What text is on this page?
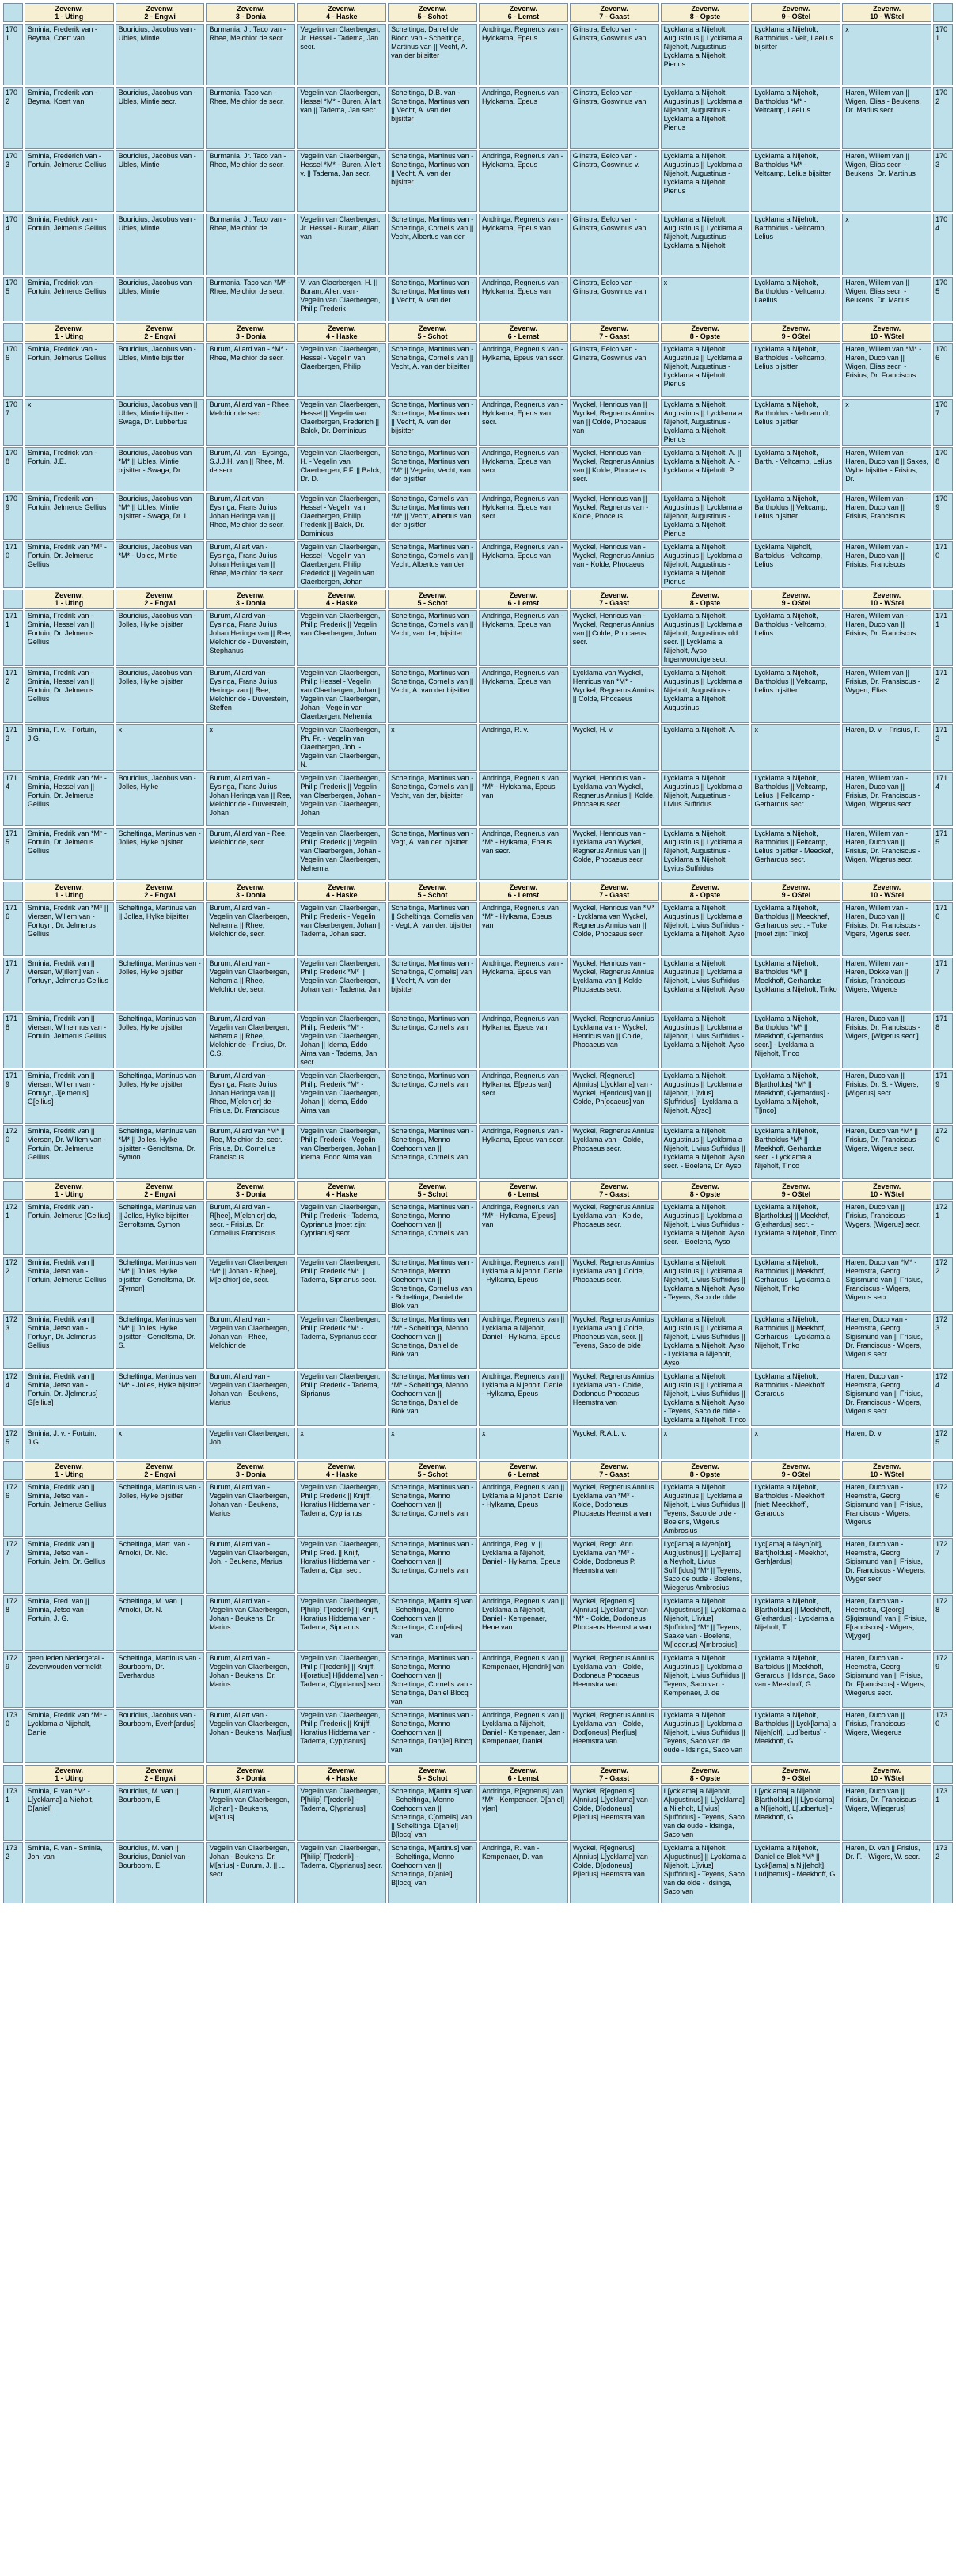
	Zevenw.
1 - Uting	Zevenw.
2 - Engwi	Zevenw.
3 - Donia	Zevenw.
4 - Haske	Zevenw.
5 - Schot	Zevenw.
6 - Lemst	Zevenw.
7 - Gaast	Zevenw.
8 - Opste	Zevenw.
9 - OStel	Zevenw.
10 - WStel	

1701	Sminia, Frederik van - Beyma, Coert van	Bouricius, Jacobus van - Ubles, Mintie	Burmania, Jr. Taco van - Rhee, Melchior de secr.	Vegelin van Claerbergen, Jr. Hessel - Tadema, Jan secr.	Scheltinga, Daniel de Blocq van - Scheltinga, Martinus van || Vecht, A. van der bijsitter	Andringa, Regnerus van - Hylckama, Epeus	Glinstra, Eelco van - Glinstra, Goswinus van	Lycklama a Nijeholt, Augustinus || Lycklama a Nijeholt, Augustinus - Lycklama a Nijeholt, Pierius	Lycklama a Nijeholt, Bartholdus - Velt, Laelius bijsitter	x	1701
1702	Sminia, Frederik van - Beyma, Koert van	Bouricius, Jacobus van - Ubles, Mintie secr.	Burmania, Taco van - Rhee, Melchior de secr.	Vegelin van Claerbergen, Hessel *M* - Buren, Allart van || Tadema, Jan secr.	Scheltinga, D.B. van - Scheltinga, Martinus van || Vecht, A. van der bijsitter	Andringa, Regnerus van - Hylckama, Epeus	Glinstra, Eelco van - Glinstra, Goswinus van	Lycklama a Nijeholt, Augustinus || Lycklama a Nijeholt, Augustinus - Lycklama a Nijeholt, Pierius	Lycklama a Nijeholt, Bartholdus *M* - Veltcamp, Laelius	Haren, Willem van || Wigen, Elias - Beukens, Dr. Marius secr.	1702
1703	Sminia, Frederich van - Fortuin, Jelmerus Gellius	Bouricius, Jacobus van - Ubles, Mintie	Burmania, Jr. Taco van - Rhee, Melchior de secr.	Vegelin van Claerbergen, Hessel *M* - Buren, Allert v. || Tadema, Jan secr.	Scheltinga, Martinus van - Scheltinga, Martinus van || Vecht, A. van der bijsitter	Andringa, Regnerus van - Hylckama, Epeus	Glinstra, Eelco van - Glinstra, Goswinus v.	Lycklama a Nijeholt, Augustinus || Lycklama a Nijeholt, Augustinus - Lycklama a Nijeholt, Pierius	Lycklama a Nijeholt, Bartholdus *M* - Veltcamp, Lelius bijsitter	Haren, Willem van || Wigen, Elias secr. - Beukens, Dr. Martinus	1703
1704	Sminia, Fredrick van - Fortuin, Jelmerus Gellius	Bouricius, Jacobus van - Ubles, Mintie	Burmania, Jr. Taco van - Rhee, Melchior de	Vegelin van Claerbergen, Jr. Hessel - Buram, Allart van	Scheltinga, Martinus van - Scheltinga, Cornelis van || Vecht, Albertus van der	Andringa, Regnerus van - Hylckama, Epeus van	Glinstra, Eelco van - Glinstra, Goswinus van	Lycklama a Nijeholt, Augustinus || Lycklama a Nijeholt, Augustinus - Lycklama a Nijeholt	Lycklama a Nijeholt, Bartholdus - Veltcamp, Lelius	x	1704
1705	Sminia, Fredrick van - Fortuin, Jelmerus Gellius	Bouricius, Jacobus van - Ubles, Mintie	Burmania, Taco van *M* - Rhee, Melchior de secr.	V. van Claerbergen, H. || Buram, Allert van - Vegelin van Claerbergen, Philip Frederik	Scheltinga, Martinus van - Scheltinga, Martinus van || Vecht, A. van der	Andringa, Regnerus van - Hylckama, Epeus van	Glinstra, Eelco van - Glinstra, Goswinus van	x	Lycklama a Nijeholt, Bartholdus - Veltcamp, Laelius	Haren, Willem van || Wigen, Elias secr. - Beukens, Dr. Marius	1705

	Zevenw.
1 - Uting	Zevenw.
2 - Engwi	Zevenw.
3 - Donia	Zevenw.
4 - Haske	Zevenw.
5 - Schot	Zevenw.
6 - Lemst	Zevenw.
7 - Gaast	Zevenw.
8 - Opste	Zevenw.
9 - OStel	Zevenw.
10 - WStel	

1706	Sminia, Fredrick van - Fortuin, Jelmerus Gellius	Bouricius, Jacobus van - Ubles, Mintie bijsitter	Burum, Allard van - *M* - Rhee, Melchior de secr.	Vegelin van Claerbergen, Hessel - Vegelin van Claerbergen, Philip	Scheltinga, Martinus van - Scheltinga, Cornelis van || Vecht, A. van der bijsitter	Andringa, Regnerus van - Hylkama, Epeus van secr.	Glinstra, Eelco van - Glinstra, Goswinus van	Lycklama a Nijeholt, Augustinus || Lycklama a Nijeholt, Augustinus - Lycklama a Nijeholt, Pierius	Lycklama a Nijeholt, Bartholdus - Veltcamp, Lelius bijsitter	Haren, Willem van *M* - Haren, Duco van || Wigen, Elias secr. - Frisius, Dr. Franciscus	1706
1707	x	Bouricius, Jacobus van || Ubles, Mintie bijsitter - Swaga, Dr. Lubbertus	Burum, Allard van - Rhee, Melchior de secr.	Vegelin van Claerbergen, Hessel || Vegelin van Claerbergen, Frederich || Balck, Dr. Dominicus	Scheltinga, Martinus van - Scheltinga, Martinus van || Vecht, A. van der bijsitter	Andringa, Regnerus van - Hylckama, Epeus van secr.	Wyckel, Henricus van || Wyckel, Regnerus Annius van || Colde, Phocaeus van	Lycklama a Nijeholt, Augustinus || Lycklama a Nijeholt, Augustinus - Lycklama a Nijeholt, Pierius	Lycklama a Nijeholt, Bartholdus - Veltcampft, Lelius bijsitter	x	1707
1708	Sminia, Fredrick van - Fortuin, J.E.	Bouricius, Jacobus van *M* || Ubles, Mintie bijsitter - Swaga, Dr.	Burum, Al. van - Eysinga, S.J.J.H. van || Rhee, M. de secr.	Vegelin van Claerbergen, H. - Vegelin van Claerbergen, F.F. || Balck, Dr. D.	Scheltinga, Martinus van - Scheltinga, Martinus van *M* || Vegelin, Vecht, van der bijsitter	Andringa, Regnerus van - Hylckama, Epeus van secr.	Wyckel, Henricus van - Wyckel, Regnerus Annius van || Kolde, Phocaeus secr.	Lycklama a Nijeholt, A. || Lycklama a Nijeholt, A. - Lycklama a Nijeholt, P.	Lycklama a Nijeholt, Barth. - Veltcamp, Lelius	Haren, Willem van - Haren, Duco van || Sakes, Wybe bijsitter - Frisius, Dr.	1708
1709	Sminia, Frederik van - Fortuin, Jelmerus Gellius	Bouricius, Jacobus van *M* || Ubles, Mintie bijsitter - Swaga, Dr. L.	Burum, Allart van - Eysinga, Frans Julius Johan Heringa van || Rhee, Melchior de secr.	Vegelin van Claerbergen, Hessel - Vegelin van Claerbergen, Philip Frederik || Balck, Dr. Dominicus	Scheltinga, Cornelis van - Scheltinga, Martinus van *M* || Vecht, Albertus van der bijsitter	Andringa, Regnerus van - Hylckama, Epeus van secr.	Wyckel, Henricus van || Wyckel, Regnerus van - Kolde, Phoceus	Lycklama a Nijeholt, Augustinus || Lycklama a Nijeholt, Augustinus - Lycklama a Nijeholt, Pierius	Lycklama a Nijeholt, Bartholdus || Veltcamp, Lelius bijsitter	Haren, Willem van - Haren, Duco van || Frisius, Franciscus	1709
1710	Sminia, Fredrik van *M* - Fortuin, Dr. Jelmerus Gellius	Bouricius, Jacobus van *M* - Ubles, Mintie	Burum, Allart van - Eysinga, Frans Julius Johan Heringa van || Rhee, Melchior de secr.	Vegelin van Claerbergen, Hessel - Vegelin van Claerbergen, Philip Frederick || Vegelin van Claerbergen, Johan	Scheltinga, Martinus van - Scheltinga, Cornelis van || Vecht, Albertus van der	Andringa, Regnerus van - Hylckama, Epeus van	Wyckel, Henricus van - Wyckel, Regnerus Annius van - Kolde, Phocaeus	Lycklama a Nijeholt, Augustinus || Lycklama a Nijeholt, Augustinus - Lycklama a Nijeholt, Pierius	Lycklama Nijeholt, Bartoldus - Veltcamp, Lelius	Haren, Willem van - Haren, Duco van || Frisius, Franciscus	1710

	Zevenw.
1 - Uting	Zevenw.
2 - Engwi	Zevenw.
3 - Donia	Zevenw.
4 - Haske	Zevenw.
5 - Schot	Zevenw.
6 - Lemst	Zevenw.
7 - Gaast	Zevenw.
8 - Opste	Zevenw.
9 - OStel	Zevenw.
10 - WStel	

1711	Sminia, Fredrik van - Sminia, Hessel van || Fortuin, Dr. Jelmerus Gellius	Bouricius, Jacobus van - Jolles, Hylke bijsitter	Burum, Allard van - Eysinga, Frans Julius Johan Heringa van || Ree, Melchior de - Duverstein, Stephanus	Vegelin van Claerbergen, Philip Frederik || Vegelin van Claerbergen, Johan	Scheltinga, Martinus van - Scheltinga, Cornelis van || Vecht, van der, bijsitter	Andringa, Regnerus van - Hylckama, Epeus van	Wyckel, Henricus van - Wyckel, Regnerus Annius van || Colde, Phocaeus secr.	Lycklama a Nijeholt, Augustinus || Lycklama a Nijeholt, Augustinus old secr. || Lycklama a Nijeholt, Ayso Ingenwoordige secr.	Lycklama a Nijeholt, Bartholdus - Veltcamp, Lelius	Haren, Willem van - Haren, Duco van || Frisius, Dr. Franciscus	1711
1712	Sminia, Fredrik van - Sminia, Hessel van || Fortuin, Dr. Jelmerus Gellius	Bouricius, Jacobus van - Jolles, Hylke bijsitter	Burum, Allard van - Eysinga, Frans Julius Heringa van || Ree, Melchior de - Duverstein, Steffen	Vegelin van Claerbergen, Philip Hessel - Vegelin van Claerbergen, Johan || Vegelin van Claerbergen, Johan - Vegelin van Claerbergen, Nehemia	Scheltinga, Martinus van - Scheltinga, Cornelis van || Vecht, A. van der bijsitter	Andringa, Regnerus van - Hylckama, Epeus van	Lycklama van Wyckel, Henricus van *M* - Wyckel, Regnerus Annius || Colde, Phocaeus	Lycklama a Nijeholt, Augustinus || Lycklama a Nijeholt, Augustinus - Lycklama a Nijeholt, Augustinus	Lycklama a Nijeholt, Bartholdus || Veltcamp, Lelius bijsitter	Haren, Willem van || Frisius, Dr. Fransiscus - Wygen, Elias	1712
1713	Sminia, F. v. - Fortuin, J.G.	x	x	Vegelin van Claerbergen, Ph. Fr. - Vegelin van Claerbergen, Joh. - Vegelin van Claerbergen, N.	x	Andringa, R. v.	Wyckel, H. v.	Lycklama a Nijeholt, A.	x	Haren, D. v. - Frisius, F.	1713
1714	Sminia, Fredrik van *M* - Sminia, Hessel van || Fortuin, Dr. Jelmerus Gellius	Bouricius, Jacobus van - Jolles, Hylke	Burum, Allard van - Eysinga, Frans Julius Johan Heringa van || Ree, Melchior de - Duverstein, Johan	Vegelin van Claerbergen, Philip Frederik || Vegelin van Claerbergen, Johan - Vegelin van Claerbergen, Johan	Scheltinga, Martinus van - Scheltinga, Cornelis van || Vecht, van der, bijsitter	Andringa, Regnerus van *M* - Hylckama, Epeus van	Wyckel, Henricus van - Lycklama van Wyckel, Regnerus Annius || Kolde, Phocaeus secr.	Lycklama a Nijeholt, Augustinus || Lycklama a Nijeholt, Augustinus - Livius Suffridus	Lycklama a Nijeholt, Bartholdus || Veltcamp, Lelius || Fellcamp - Gerhardus secr.	Haren, Willem van - Haren, Duco van || Frisius, Dr. Franciscus - Wigen, Wigerus secr.	1714
1715	Sminia, Fredrik van *M* - Fortuin, Dr. Jelmerus Gellius	Scheltinga, Martinus van - Jolles, Hylke bijsitter	Burum, Allard van - Ree, Melchior de, secr.	Vegelin van Claerbergen, Philip Frederik || Vegelin van Claerbergen, Johan - Vegelin van Claerbergen, Nehemia	Scheltinga, Martinus van - Vegt, A. van der, bijsitter	Andringa, Regnerus van *M* - Hylkama, Epeus van secr.	Wyckel, Henricus van - Lycklama van Wyckel, Regnerus Annius van || Colde, Phocaeus secr.	Lycklama a Nijeholt, Augustinus || Lycklama a Nijeholt, Augustinus - Lycklama a Nijeholt, Lyvius Suffridus	Lycklama a Nijeholt, Bartholdus || Feltcamp, Lelius bijsitter - Meeckef, Gerhardus secr.	Haren, Willem van - Haren, Duco van || Frisius, Dr. Franciscus - Wigen, Wigerus secr.	1715

	Zevenw.
1 - Uting	Zevenw.
2 - Engwi	Zevenw.
3 - Donia	Zevenw.
4 - Haske	Zevenw.
5 - Schot	Zevenw.
6 - Lemst	Zevenw.
7 - Gaast	Zevenw.
8 - Opste	Zevenw.
9 - OStel	Zevenw.
10 - WStel	

1716	Sminia, Fredrik van *M* || Viersen, Willem van - Fortuyn, Dr. Jelmerus Gellius	Scheltinga, Martinus van || Jolles, Hylke bijsitter	Burum, Allard van - Vegelin van Claerbergen, Nehemia || Rhee, Melchior de, secr.	Vegelin van Claerbergen, Philip Frederik - Vegelin van Claerbergen, Johan || Tadema, Johan secr.	Scheltinga, Martinus van || Scheltinga, Cornelis van - Vegt, A. van der, bijsitter	Andringa, Regnerus van *M* - Hylkama, Epeus van	Wyckel, Henricus van *M* - Lycklama van Wyckel, Regnerus Annius van || Colde, Phocaeus secr.	Lycklama a Nijeholt, Augustinus || Lycklama a Nijeholt, Livius Suffridus - Lycklama a Nijeholt, Ayso	Lycklama a Nijeholt, Bartholdus || Meeckhef, Gerhardus secr. - Tuke [moet zijn: Tinko]	Haren, Willem van - Haren, Duco van || Frisius, Dr. Franciscus - Vigers, Vigerus secr.	1716
1717	Sminia, Fredrik van || Viersen, W[illem] van - Fortuyn, Jelmerus Gellius	Scheltinga, Martinus van - Jolles, Hylke bijsitter	Burum, Allard van - Vegelin van Claerbergen, Nehemia || Rhee, Melchior de, secr.	Vegelin van Claerbergen, Philip Frederik *M* || Vegelin van Claerbergen, Johan van - Tadema, Jan	Scheltinga, Martinus van - Scheltinga, C[ornelis] van || Vecht, A. van der bijsitter	Andringa, Regnerus van - Hylckama, Epeus van	Wyckel, Henricus van - Wyckel, Regnerus Annius Lycklama van || Kolde, Phocaeus secr.	Lycklama a Nijeholt, Augustinus || Lycklama a Nijeholt, Livius Suffridus - Lycklama a Nijeholt, Ayso	Lycklama a Nijeholt, Bartholdus *M* || Meekhoff, Gerhardus - Lycklama a Nijeholt, Tinko	Haren, Willem van - Haren, Dokke van || Frisius, Franciscus - Wigers, Wigerus	1717
1718	Sminia, Fredrik van || Viersen, Wilhelmus van - Fortuin, Jelmerus Gellius	Scheltinga, Martinus van - Jolles, Hylke bijsitter	Burum, Allard van - Vegelin van Claerbergen, Nehemia || Rhee, Melchior de - Frisius, Dr. C.S.	Vegelin van Claerbergen, Philip Frederik *M* - Vegelin van Claerbergen, Johan || Idema, Eddo Aima van - Tadema, Jan secr.	Scheltinga, Martinus van - Scheltinga, Cornelis van	Andringa, Regnerus van - Hylkama, Epeus van	Wyckel, Regnerus Annius Lycklama van - Wyckel, Henricus van || Colde, Phocaeus van	Lycklama a Nijeholt, Augustinus || Lycklama a Nijeholt, Livius Suffridus - Lycklama a Nijeholt, Ayso	Lycklama a Nijeholt, Bartholdus *M* || Meekhoff, G[erhardus secr.] - Lycklama a Nijeholt, Tinco	Haren, Duco van || Frisius, Dr. Franciscus - Wigers, [Wigerus secr.]	1718
1719	Sminia, Fredrik van || Viersen, Willem van - Fortuyn, J[elmerus] G[ellius]	Scheltinga, Martinus van - Jolles, Hylke bijsitter	Burum, Allard van - Eysinga, Frans Julius Johan Heringa van || Rhee, M[elchior] de - Frisius, Dr. Franciscus	Vegelin van Claerbergen, Philip Frederik *M* - Vegelin van Claerbergen, Johan || Idema, Eddo Aima van	Scheltinga, Martinus van - Scheltinga, Cornelis van	Andringa, Regnerus van - Hylkama, E[peus van] secr.	Wyckel, R[egnerus] A[nnius] L[ycklama] van - Wyckel, H[enricus] van || Colde, Ph[ocaeus] van	Lycklama a Nijeholt, Augustinus || Lycklama a Nijeholt, L[ivius] S[uffridus] - Lycklama a Nijeholt, A[yso]	Lycklama a Nijeholt, B[artholdus] *M* || Meekhoff, G[erhardus] - Lycklama a Nijeholt, T[inco]	Haren, Duco van || Frisius, Dr. S. - Wigers, [Wigerus] secr.	1719
1720	Sminia, Fredrik van || Viersen, Dr. Willem van - Fortuin, Dr. Jelmerus Gellius	Scheltinga, Martinus van *M* || Jolles, Hylke bijsitter - Gerroltsma, Dr. Symon	Burum, Allard van *M* || Ree, Melchior de, secr. - Frisius, Dr. Cornelius Franciscus	Vegelin van Claerbergen, Philip Frederik - Vegelin van Claerbergen, Johan || Idema, Eddo Aima van	Scheltinga, Martinus van - Scheltinga, Menno Coehoorn van || Scheltinga, Cornelis van	Andringa, Regnerus van - Hylkama, Epeus van secr.	Wyckel, Regnerus Annius Lycklama van - Colde, Phocaeus secr.	Lycklama a Nijeholt, Augustinus || Lycklama a Nijeholt, Livius Suffridus || Lycklama a Nijeholt, Ayso secr. - Boelens, Dr. Ayso	Lycklama a Nijeholt, Bartholdus *M* || Meekhoff, Gerhardus secr. - Lycklama a Nijeholt, Tinco	Haren, Duco van *M* || Frisius, Dr. Franciscus - Wigers, Wigerus secr.	1720

	Zevenw.
1 - Uting	Zevenw.
2 - Engwi	Zevenw.
3 - Donia	Zevenw.
4 - Haske	Zevenw.
5 - Schot	Zevenw.
6 - Lemst	Zevenw.
7 - Gaast	Zevenw.
8 - Opste	Zevenw.
9 - OStel	Zevenw.
10 - WStel	

1721	Sminia, Fredrik van - Fortuin, Jelmerus [Gellius]	Scheltinga, Martinus van || Jolles, Hylke bijsitter - Gerroltsma, Symon	Burum, Allard van - R[hee], M[elchior] de, secr. - Frisius, Dr. Cornelius Franciscus	Vegelin van Claerbergen, Philip Frederik - Tadema, Cyprianus [moet zijn: Cyprianus] secr.	Scheltinga, Martinus van - Scheltinga, Menno Coehoorn van || Scheltinga, Cornelis van	Andringa, Regnerus van *M* - Hylkama, E[peus] van	Wyckel, Regnerus Annius Lycklama van - Kolde, Phocaeus secr.	Lycklama a Nijeholt, Augustinus || Lycklama a Nijeholt, Livius Suffridus - Lycklama a Nijeholt, Ayso secr. - Boelens, Ayso	Lycklama a Nijeholt, B[artholdus] || Meekhof, G[erhardus] secr. - Lycklama a Nijeholt, Tinco	Haren, Duco van || Frisius, Franciscus - Wygers, [Wigerus] secr.	1721
1722	Sminia, Fredrik van || Sminia, Jetso van - Fortuin, Jelmerus Gellius	Scheltinga, Martinus van *M* || Jolles, Hylke bijsitter - Gerroltsma, Dr. S[ymon]	Vegelin van Claerbergen *M* || Johan - R[hee], M[elchior] de, secr.	Vegelin van Claerbergen, Philip Frederik *M* || Tadema, Siprianus secr.	Scheltinga, Martinus van - Scheltinga, Menno Coehoorn van || Scheltinga, Cornelius van - Scheltinga, Daniel de Blok van	Andringa, Regnerus van || Lyklama a Nijeholt, Daniel - Hylkama, Epeus	Wyckel, Regnerus Annius Lycklama van || Colde, Phocaeus secr.	Lycklama a Nijeholt, Augustinus || Lycklama a Nijeholt, Livius Suffridus || Lycklama a Nijeholt, Ayso - Teyens, Saco de olde	Lycklama a Nijeholt, Bartholdus || Meekhof, Gerhardus - Lycklama a Nijeholt, Tinko	Haren, Duco van *M* - Heemstra, Georg Sigismund van || Frisius, Franciscus - Wigers, Wigerus secr.	1722
1723	Sminia, Fredrik van || Sminia, Jetso van - Fortuyn, Dr. Jelmerus Gellius	Scheltinga, Martinus van *M* || Jolles, Hylke bijsitter - Gerroltsma, Dr. S.	Burum, Allard van - Vegelin van Claerbergen, Johan van - Rhee, Melchior de	Vegelin van Claerbergen, Philip Frederik *M* - Tadema, Syprianus secr.	Scheltinga, Martinus van *M* - Scheltinga, Menno Coehoorn van || Scheltinga, Daniel de Blok van	Andringa, Regnerus van || Lycklama a Nijeholt, Daniel - Hylkama, Epeus	Wyckel, Regnerus Annius Lycklama van || Colde, Phocheus van, secr. || Teyens, Saco de olde	Lycklama a Nijeholt, Augustinus || Lycklama a Nijeholt, Livius Suffridus || Lycklama a Nijeholt, Ayso - Lycklama a Nijeholt, Ayso	Lycklama a Nijeholt, Bartholdus || Meekhof, Gerhardus - Lycklama a Nijeholt, Tinko	Haeren, Duco van - Heemstra, Georg Sigismund van || Frisius, Dr. Franciscus - Wigers, Wigerus secr.	1723
1724	Sminia, Fredrik van || Sminia, Jetso van - Fortuin, Dr. J[elmerus] G[ellius]	Scheltinga, Martinus van *M* - Jolles, Hylke bijsitter	Burum, Allard van - Vegelin van Claerbergen, Johan van - Beukens, Marius	Vegelin van Claerbergen, Philip Frederik - Tadema, Siprianus	Scheltinga, Martinus van *M* - Scheltinga, Menno Coehoorn van || Scheltinga, Daniel de Blok van	Andringa, Regnerus van || Lyklama a Nijeholt, Daniel - Hylkama, Epeus	Wyckel, Regnerus Annius Lycklama van - Colde, Dodoneus Phocaeus Heemstra van	Lycklama a Nijeholt, Augustinus || Lycklama a Nijeholt, Livius Suffridus || Lycklama a Nijeholt, Ayso - Teyens, Saco de olde - Lycklama a Nijeholt, Tinco	Lycklama a Nijeholt, Bartholdus - Meekhoff, Gerardus	Haren, Duco van - Heemstra, Georg Sigismund van || Frisius, Dr. Franciscus - Wigers, Wigerus secr.	1724
1725	Sminia, J. v. - Fortuin, J.G.	x	Vegelin van Claerbergen, Joh.	x	x	x	Wyckel, R.A.L. v.	x	x	Haren, D. v.	1725

	Zevenw.
1 - Uting	Zevenw.
2 - Engwi	Zevenw.
3 - Donia	Zevenw.
4 - Haske	Zevenw.
5 - Schot	Zevenw.
6 - Lemst	Zevenw.
7 - Gaast	Zevenw.
8 - Opste	Zevenw.
9 - OStel	Zevenw.
10 - WStel	

1726	Sminia, Fredrik van || Sminia, Jetso van - Fortuin, Jelmerus Gellius	Scheltinga, Martinus van - Jolles, Hylke bijsitter	Burum, Allard van - Vegelin van Claerbergen, Johan van - Beukens, Marius	Vegelin van Claerbergen, Philip Frederik || Knijff, Horatius Hiddema van - Tadema, Cyprianus	Scheltinga, Martinus van - Scheltinga, Menno Coehoorn van || Scheltinga, Cornelis van	Andringa, Regnerus van || Lyklama a Nijeholt, Daniel - Hylkama, Epeus	Wyckel, Regnerus Annius Lycklama van *M* - Kolde, Dodoneus Phocaeus Heemstra van	Lycklama a Nijeholt, Augustinus || Lycklama a Nijeholt, Livius Suffridus || Teyens, Saco de olde - Boelens, Wigerus Ambrosius	Lycklama a Nijeholt, Bartholdus - Meekhoff [niet: Meeckhoff], Gerardus	Haren, Duco van - Heemstra, Georg Sigismund van || Frisius, Franciscus - Wigers, Wigerus	1726
1727	Sminia, Fredrik van || Sminia, Jetso van - Fortuin, Jelm. Dr. Gellius	Scheltinga, Mart. van - Arnoldi, Dr. Nic.	Burum, Allard van - Vegelin van Claerbergen, Joh. - Beukens, Marius	Vegelin van Claerbergen, Philip Fred. || Knijf, Horatius Hiddema van - Tadema, Cipr. secr.	Scheltinga, Martinus van - Scheltinga, Menno Coehoorn van || Scheltinga, Cornelis van	Andringa, Reg. v. || Lycklama a Nijeholt, Daniel - Hylkama, Epeus	Wyckel, Regn. Ann. Lycklama van *M* - Colde, Dodoneus P. Heemstra van	Lyc[lama] a Nyeh[olt], Aug[ustinus] || Lyc[lama] a Neyholt, Livius Suffr[idus] *M* || Teyens, Saco de oude - Boelens, Wiegerus Ambrosius	Lyc[lama] a Neyh[olt], Bart[holdus] - Meekhof, Gerh[ardus]	Haren, Duco van - Heemstra, Georg Sigismund van || Frisius, Dr. Franciscus - Wiegers, Wyger secr.	1727
1728	Sminia, Fred. van || Sminia, Jetso van - Fortuin, J. G.	Scheltinga, M. van || Arnoldi, Dr. N.	Burum, Allard van - Vegelin van Claerbergen, Johan - Beukens, Dr. Marius	Vegelin van Claerbergen, P[hilip] F[rederik] || Knijff, Horatius Hiddema van - Tadema, Siprianus	Scheltinga, M[artinus] van - Scheltinga, Menno Coehoorn van || Scheltinga, Corn[elius] van	Andringa, Regnerus van || Lycklama a Nijeholt, Daniel - Kempenaer, Hene van	Wyckel, R[egnerus] A[nnius] L[ycklama] van *M* - Colde, Dodoneus Phocaeus Heemstra van	Lycklama a Nijeholt, A[ugustinus] || Lycklama a Nijeholt, L[ivius] S[uffridus] *M* || Teyens, Saake van - Boelens, W[iegerus] A[mbrosius]	Lycklama a Nijeholt, B[artholdus] || Meekhoff, G[erhardus] - Lycklama a Nijeholt, T.	Haren, Duco van - Heemstra, G[eorg] S[igismund] van || Frisius, F[ranciscus] - Wigers, W[yger]	1728
1729	geen leden Nedergetal - Zevenwouden vermeldt	Scheltinga, Martinus van - Bourboom, Dr. Everhardus	Burum, Allard van - Vegelin van Claerbergen, Johan - Beukens, Dr. Marius	Vegelin van Claerbergen, Philip F[rederik] || Knijff, H[oratius] H[iddema] van - Tadema, C[yprianus] secr.	Scheltinga, Martinus van - Scheltinga, Menno Coehoorn van || Scheltinga, Cornelis van - Scheltinga, Daniel Blocq van	Andringa, Regnerus van || Kempenaer, H[endrik] van	Wyckel, Regnerus Annius Lycklama van - Colde, Dodoneus Phocaeus Heemstra van	Lycklama a Nijeholt, Augustinus || Lycklama a Nijeholt, Livius Suffridus || Teyens, Saco van - Kempenaer, J. de	Lycklama a Nijeholt, Bartoldus || Meekhoff, Gerardus || Idsinga, Saco van - Meekhoff, G.	Haren, Duco van - Heemstra, Georg Sigismund van || Frisius, Dr. F[ranciscus] - Wigers, Wiegerus secr.	1729
1730	Sminia, Fredrik van *M* - Lycklama a Nijeholt, Daniel	Bouricius, Jacobus van - Bourboom, Everh[ardus]	Burum, Allart van - Vegelin van Claerbergen, Johan - Beukens, Mar[ius]	Vegelin van Claerbergen, Philip Frederik || Knijff, Horatius Hiddema van - Tadema, Cyp[rianus]	Scheltinga, Martinus van - Scheltinga, Menno Coehoorn van || Scheltinga, Dan[iel] Blocq van	Andringa, Regnerus van || Lycklama a Nijeholt, Daniel - Kempenaer, Jan - Kempenaer, Daniel	Wyckel, Regnerus Annius Lycklama van - Colde, Dod[oneus] Pier[ius] Heemstra van	Lycklama a Nijeholt, Augustinus || Lycklama a Nijeholt, Livius Suffridus || Teyens, Saco van de oude - Idsinga, Saco van	Lycklama a Nijeholt, Bartholdus || Lyck[lama] a Nijeh[olt], Lud[bertus] - Meekhoff, G.	Haren, Duco van || Frisius, Franciscus - Wigers, Wiegerus	1730

	Zevenw.
1 - Uting	Zevenw.
2 - Engwi	Zevenw.
3 - Donia	Zevenw.
4 - Haske	Zevenw.
5 - Schot	Zevenw.
6 - Lemst	Zevenw.
7 - Gaast	Zevenw.
8 - Opste	Zevenw.
9 - OStel	Zevenw.
10 - WStel	

1731	Sminia, F. van *M* - L[ycklama] a Nieholt, D[aniel]	Bouricius, M. van || Bourboom, E.	Burum, Allard van - Vegelin van Claerbergen, J[ohan] - Beukens, M[arius]	Vegelin van Claerbergen, P[hilip] F[rederik] - Tadema, C[yprianus]	Scheltinga, M[artinus] van - Scheltinga, Menno Coehoorn van || Scheltinga, C[ornelis] van || Scheltinga, D[aniel] B[locq] van	Andringa, R[egnerus] van *M* - Kempenaer, D[aniel] v[an]	Wyckel, R[egnerus] A[nnius] L[ycklama] van - Colde, D[odoneus] P[ierius] Heemstra van	L[ycklama] a Nijeholt, A[ugustinus] || L[ycklama] a Nijeholt, L[ivius] S[uffridus] - Teyens, Saco van de oude - Idsinga, Saco van	L[ycklama] a Nijeholt, B[artholdus] || L[ycklama] a N[ijeholt], L[udbertus] - Meekhoff, G.	Haren, Duco van || Frisius, Dr. Franciscus - Wigers, W[iegerus]	1731
1732	Sminia, F. van - Sminia, Joh. van	Bouricius, M. van || Bouricius, Daniel van - Bourboom, E.	Vegelin van Claerbergen, Johan - Beukens, Dr. M[arius] - Burum, J. || ... secr.	Vegelin van Claerbergen, P[hilip] F[rederik] - Tadema, C[yprianus] secr.	Scheltinga, M[artinus] van - Scheltinga, Menno Coehoorn van || Scheltinga, D[aniel] B[locq] van	Andringa, R. van - Kempenaer, D. van	Wyckel, R[egnerus] A[nnius] L[ycklama] van - Colde, D[odoneus] P[ierius] Heemstra van	Lycklama a Nijeholt, A[ugustinus] || Lycklama a Nijeholt, L[ivius] S[uffridus] - Teyens, Saco van de olde - Idsinga, Saco van	Lycklama a Nijeholt, Daniel de Blok *M* || Lyck[lama] a Nij[eholt], Lud[bertus] - Meekhoff, G.	Haren, D. van || Frisius, Dr. F. - Wigers, W. secr.	1732
